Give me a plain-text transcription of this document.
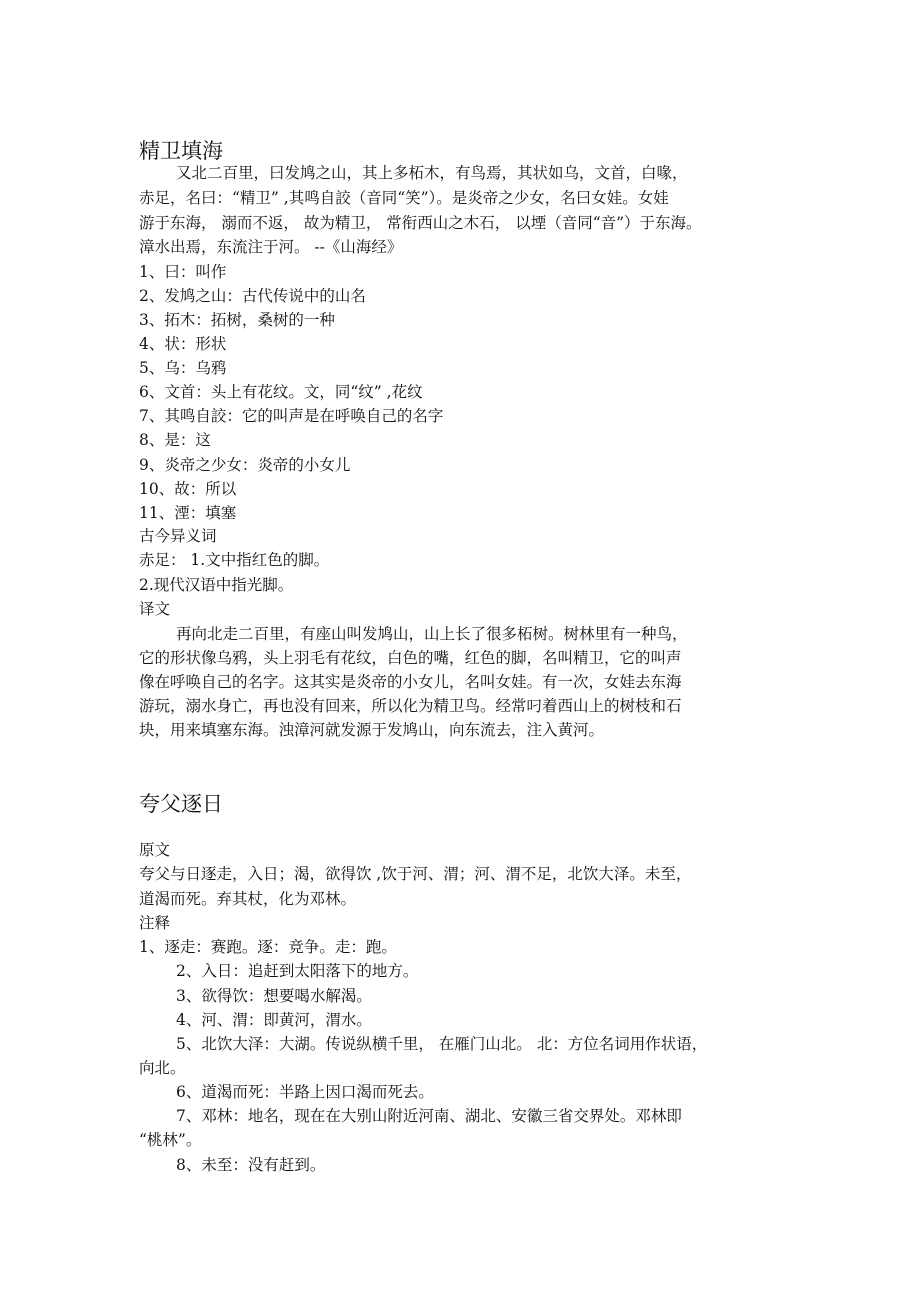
精卫填海
又北二百里，曰发鸠之山，其上多柘木，有鸟焉，其状如乌，文首，白喙，
赤足，名曰：“精卫” ,其鸣自詨（音同“笑”）。是炎帝之少女，名曰女娃。女娃
游于东海， 溺而不返， 故为精卫， 常衔西山之木石， 以堙（音同“音”）于东海。
漳水出焉，东流注于河。 --《山海经》
1、曰：叫作
2、发鸠之山：古代传说中的山名
3、拓木：拓树，桑树的一种
4、状：形状
5、乌：乌鸦
6、文首：头上有花纹。文，同“纹” ,花纹
7、其鸣自詨：它的叫声是在呼唤自己的名字
8、是：这
9、炎帝之少女：炎帝的小女儿
10、故：所以
11、湮：填塞
古今异义词
赤足： 1.文中指红色的脚。
2.现代汉语中指光脚。
译文
再向北走二百里，有座山叫发鸠山，山上长了很多柘树。树林里有一种鸟，
它的形状像乌鸦，头上羽毛有花纹，白色的嘴，红色的脚，名叫精卫，它的叫声
像在呼唤自己的名字。这其实是炎帝的小女儿，名叫女娃。有一次，女娃去东海
游玩，溺水身亡，再也没有回来，所以化为精卫鸟。经常叼着西山上的树枝和石
块，用来填塞东海。浊漳河就发源于发鸠山，向东流去，注入黄河。
夸父逐日
原文
夸父与日逐走，入日；渴，欲得饮 ,饮于河、渭；河、渭不足，北饮大泽。未至，
道渴而死。弃其杖，化为邓林。
注释
1、逐走：赛跑。逐：竞争。走：跑。
2、入日：追赶到太阳落下的地方。
3、欲得饮：想要喝水解渴。
4、河、渭：即黄河，渭水。
5、北饮大泽：大湖。传说纵横千里， 在雁门山北。 北：方位名词用作状语，
向北。
6、道渴而死：半路上因口渴而死去。
7、邓林：地名，现在在大别山附近河南、湖北、安徽三省交界处。邓林即
“桃林”。
8、未至：没有赶到。
